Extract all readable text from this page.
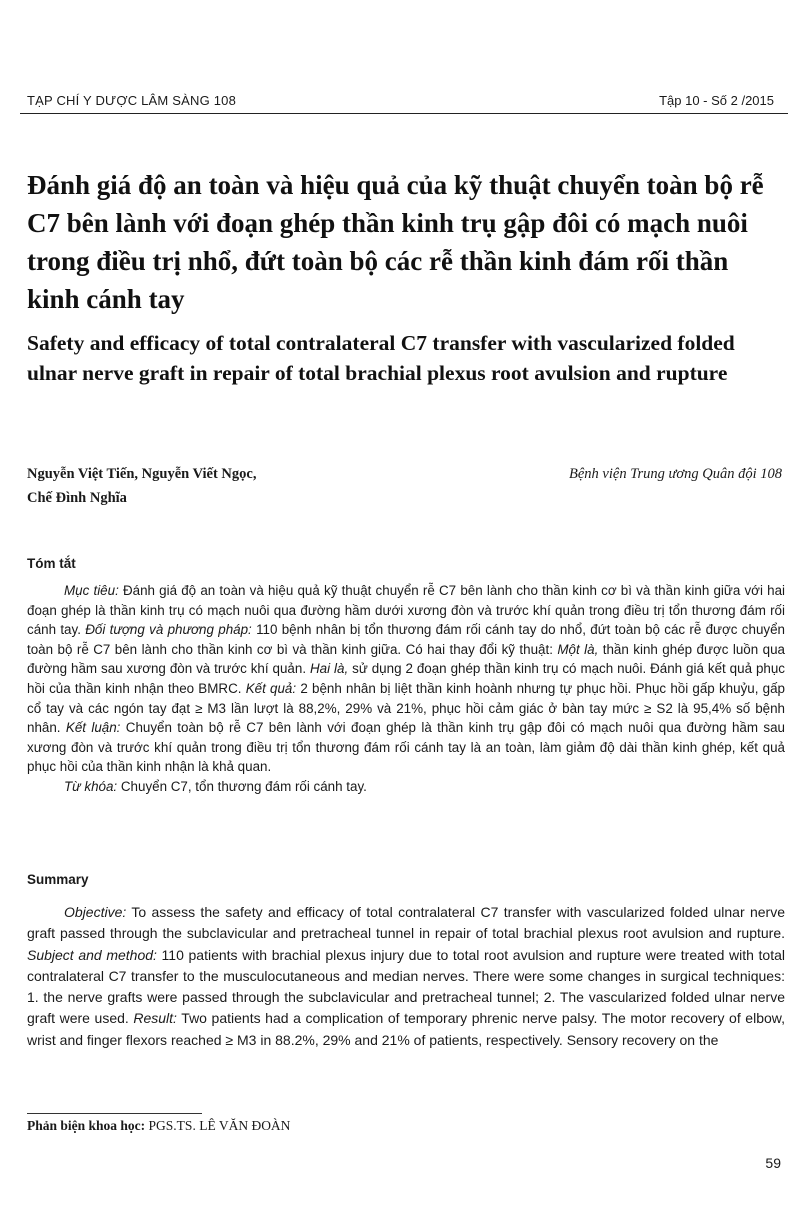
TẠP CHÍ Y DƯỢC LÂM SÀNG 108	Tập 10 - Số 2 /2015
Đánh giá độ an toàn và hiệu quả của kỹ thuật chuyển toàn bộ rễ C7 bên lành với đoạn ghép thần kinh trụ gập đôi có mạch nuôi trong điều trị nhổ, đứt toàn bộ các rễ thần kinh đám rối thần kinh cánh tay
Safety and efficacy of total contralateral C7 transfer with vascularized folded ulnar nerve graft in repair of total brachial plexus root avulsion and rupture
Nguyễn Việt Tiến, Nguyễn Viết Ngọc,
Chế Đình Nghĩa
Bệnh viện Trung ương Quân đội 108
Tóm tắt

Mục tiêu: Đánh giá độ an toàn và hiệu quả kỹ thuật chuyển rễ C7 bên lành cho thần kinh cơ bì và thần kinh giữa với hai đoạn ghép là thần kinh trụ có mạch nuôi qua đường hầm dưới xương đòn và trước khí quản trong điều trị tổn thương đám rối cánh tay. Đối tượng và phương pháp: 110 bệnh nhân bị tổn thương đám rối cánh tay do nhổ, đứt toàn bộ các rễ được chuyển toàn bộ rễ C7 bên lành cho thần kinh cơ bì và thần kinh giữa. Có hai thay đổi kỹ thuật: Một là, thần kinh ghép được luồn qua đường hầm sau xương đòn và trước khí quản. Hai là, sử dụng 2 đoạn ghép thần kinh trụ có mạch nuôi. Đánh giá kết quả phục hồi của thần kinh nhận theo BMRC. Kết quả: 2 bệnh nhân bị liệt thần kinh hoành nhưng tự phục hồi. Phục hồi gấp khuỷu, gấp cổ tay và các ngón tay đạt ≥ M3 lần lượt là 88,2%, 29% và 21%, phục hồi cảm giác ở bàn tay mức ≥ S2 là 95,4% số bệnh nhân. Kết luận: Chuyển toàn bộ rễ C7 bên lành với đoạn ghép là thần kinh trụ gập đôi có mạch nuôi qua đường hầm sau xương đòn và trước khí quản trong điều trị tổn thương đám rối cánh tay là an toàn, làm giảm độ dài thần kinh ghép, kết quả phục hồi của thần kinh nhận là khả quan.

Từ khóa: Chuyển C7, tổn thương đám rối cánh tay.

Summary

Objective: To assess the safety and efficacy of total contralateral C7 transfer with vascularized folded ulnar nerve graft passed through the subclavicular and pretracheal tunnel in repair of total brachial plexus root avulsion and rupture. Subject and method: 110 patients with brachial plexus injury due to total root avulsion and rupture were treated with total contralateral C7 transfer to the musculocutaneous and median nerves. There were some changes in surgical techniques: 1. the nerve grafts were passed through the subclavicular and pretracheal tunnel; 2. The vascularized folded ulnar nerve graft were used. Result: Two patients had a complication of temporary phrenic nerve palsy. The motor recovery of elbow, wrist and finger flexors reached ≥ M3 in 88.2%, 29% and 21% of patients, respectively. Sensory recovery on the

Phản biện khoa học: PGS.TS. LÊ VĂN ĐOÀN
59
